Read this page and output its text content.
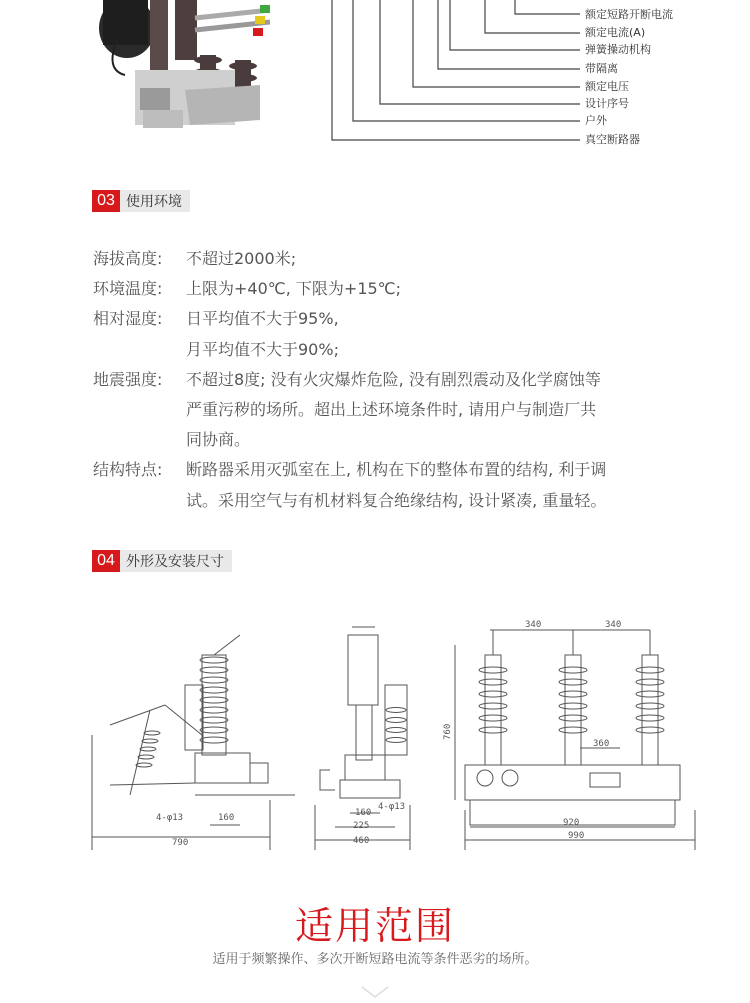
额定短路开断电流
额定电流(A)
弹簧操动机构
带隔离
额定电压
设计序号
户外
真空断路器
03 使用环境
海拔高度: 不超过2000米;
环境温度: 上限为+40℃, 下限为+15℃;
相对湿度: 日平均值不大于95%,
月平均值不大于90%;
地震强度: 不超过8度; 没有火灾爆炸危险, 没有剧烈震动及化学腐蚀等
严重污秽的场所。超出上述环境条件时, 请用户与制造厂共
同协商。
结构特点: 断路器采用灭弧室在上, 机构在下的整体布置的结构, 利于调
试。采用空气与有机材料复合绝缘结构, 设计紧凑, 重量轻。
04 外形及安装尺寸
4-φ13	160
790
4-φ13
160
225
460
340	340
760
360
920
990
适用范围
适用于频繁操作、多次开断短路电流等条件恶劣的场所。
